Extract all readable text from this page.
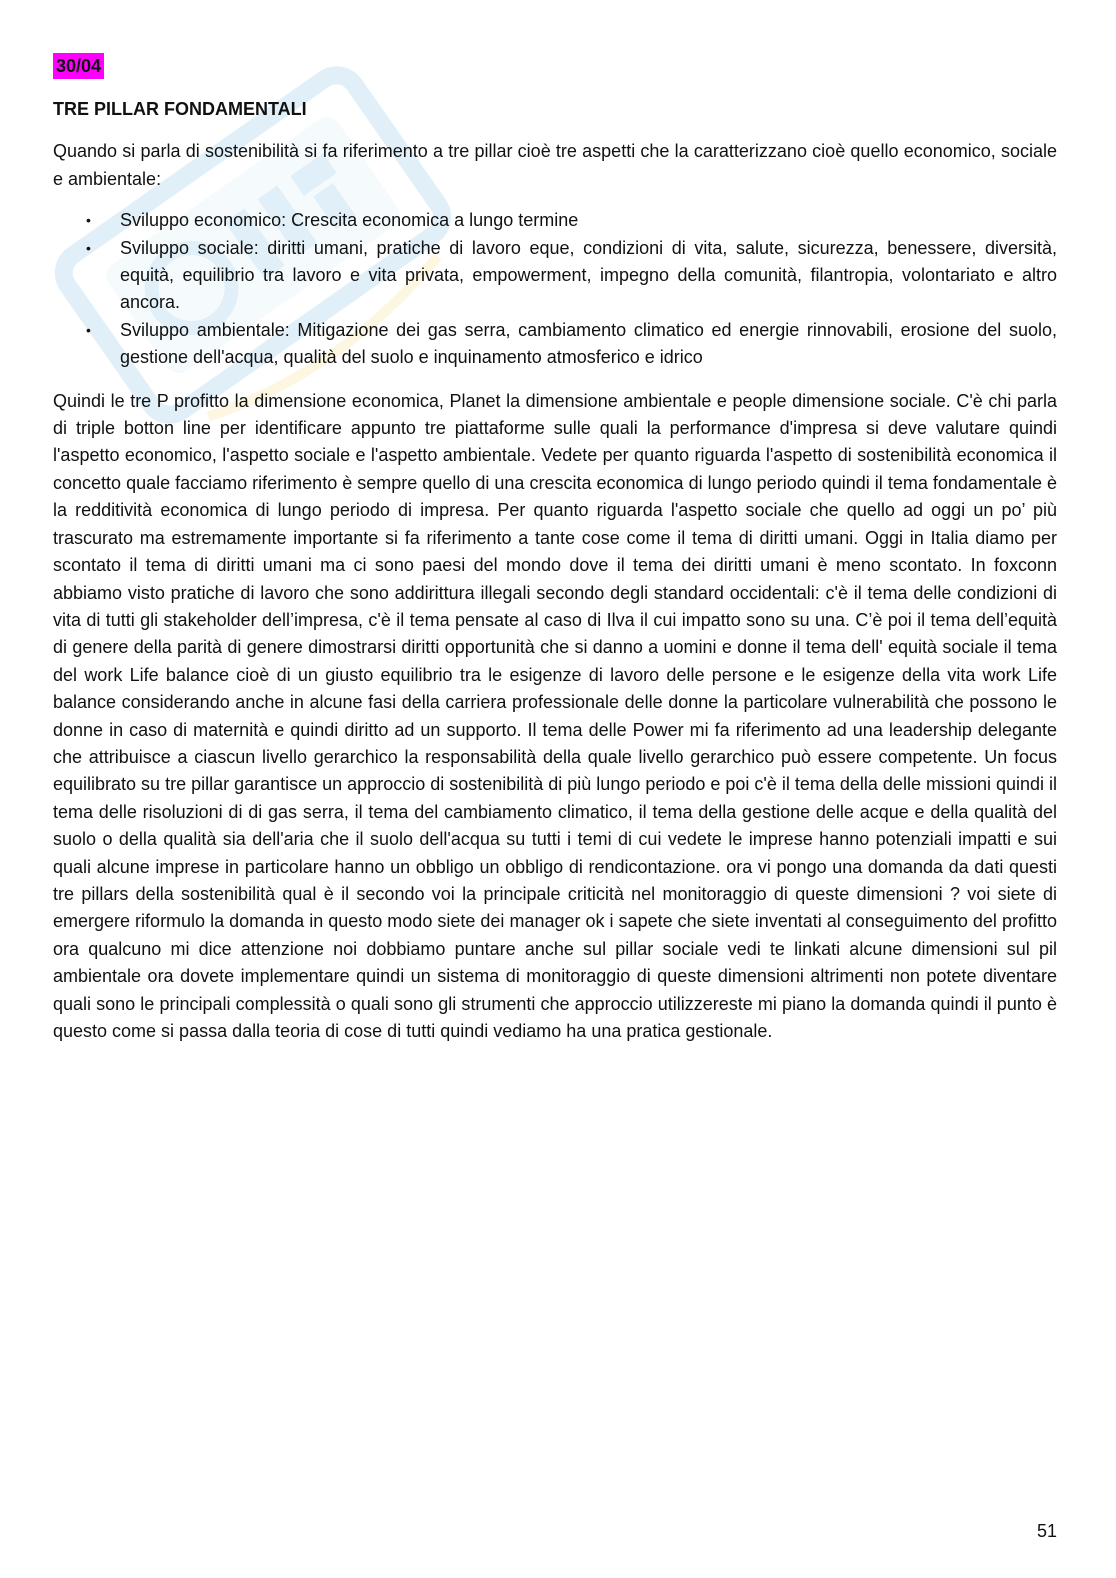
30/04
TRE PILLAR FONDAMENTALI

Quando si parla di sostenibilità si fa riferimento a tre pillar cioè tre aspetti che la caratterizzano cioè quello economico, sociale e ambientale:

• Sviluppo economico: Crescita economica a lungo termine
• Sviluppo sociale: diritti umani, pratiche di lavoro eque, condizioni di vita, salute, sicurezza, benessere, diversità, equità, equilibrio tra lavoro e vita privata, empowerment, impegno della comunità, filantropia, volontariato e altro ancora.
• Sviluppo ambientale: Mitigazione dei gas serra, cambiamento climatico ed energie rinnovabili, erosione del suolo, gestione dell'acqua, qualità del suolo e inquinamento atmosferico e idrico

Quindi le tre P profitto la dimensione economica, Planet la dimensione ambientale e people dimensione sociale. C'è chi parla di triple botton line per identificare appunto tre piattaforme sulle quali la performance d'impresa si deve valutare quindi l'aspetto economico, l'aspetto sociale e l'aspetto ambientale. Vedete per quanto riguarda l'aspetto di sostenibilità economica il concetto quale facciamo riferimento è sempre quello di una crescita economica di lungo periodo quindi il tema fondamentale è la redditività economica di lungo periodo di impresa. Per quanto riguarda l'aspetto sociale che quello ad oggi un po’ più trascurato ma estremamente importante si fa riferimento a tante cose come il tema di diritti umani. Oggi in Italia diamo per scontato il tema di diritti umani ma ci sono paesi del mondo dove il tema dei diritti umani è meno scontato. In foxconn abbiamo visto pratiche di lavoro che sono addirittura illegali secondo degli standard occidentali: c'è il tema delle condizioni di vita di tutti gli stakeholder dell’impresa, c'è il tema pensate al caso di Ilva il cui impatto sono su una. C’è poi il tema dell’equità di genere della parità di genere dimostrarsi diritti opportunità che si danno a uomini e donne il tema dell' equità sociale il tema del work Life balance cioè di un giusto equilibrio tra le esigenze di lavoro delle persone e le esigenze della vita work Life balance considerando anche in alcune fasi della carriera professionale delle donne la particolare vulnerabilità che possono le donne in caso di maternità e quindi diritto ad un supporto. Il tema delle Power mi fa riferimento ad una leadership delegante che attribuisce a ciascun livello gerarchico la responsabilità della quale livello gerarchico può essere competente. Un focus equilibrato su tre pillar garantisce un approccio di sostenibilità di più lungo periodo e poi c'è il tema della delle missioni quindi il tema delle risoluzioni di di gas serra, il tema del cambiamento climatico, il tema della gestione delle acque e della qualità del suolo o della qualità sia dell'aria che il suolo dell'acqua su tutti i temi di cui vedete le imprese hanno potenziali impatti e sui quali alcune imprese in particolare hanno un obbligo un obbligo di rendicontazione. ora vi pongo una domanda da dati questi tre pillars della sostenibilità qual è il secondo voi la principale criticità nel monitoraggio di queste dimensioni ? voi siete di emergere riformulo la domanda in questo modo siete dei manager ok i sapete che siete inventati al conseguimento del profitto ora qualcuno mi dice attenzione noi dobbiamo puntare anche sul pillar sociale vedi te linkati alcune dimensioni sul pil ambientale ora dovete implementare quindi un sistema di monitoraggio di queste dimensioni altrimenti non potete diventare quali sono le principali complessità o quali sono gli strumenti che approccio utilizzereste mi piano la domanda quindi il punto è questo come si passa dalla teoria di cose di tutti quindi vediamo ha una pratica gestionale.

51
